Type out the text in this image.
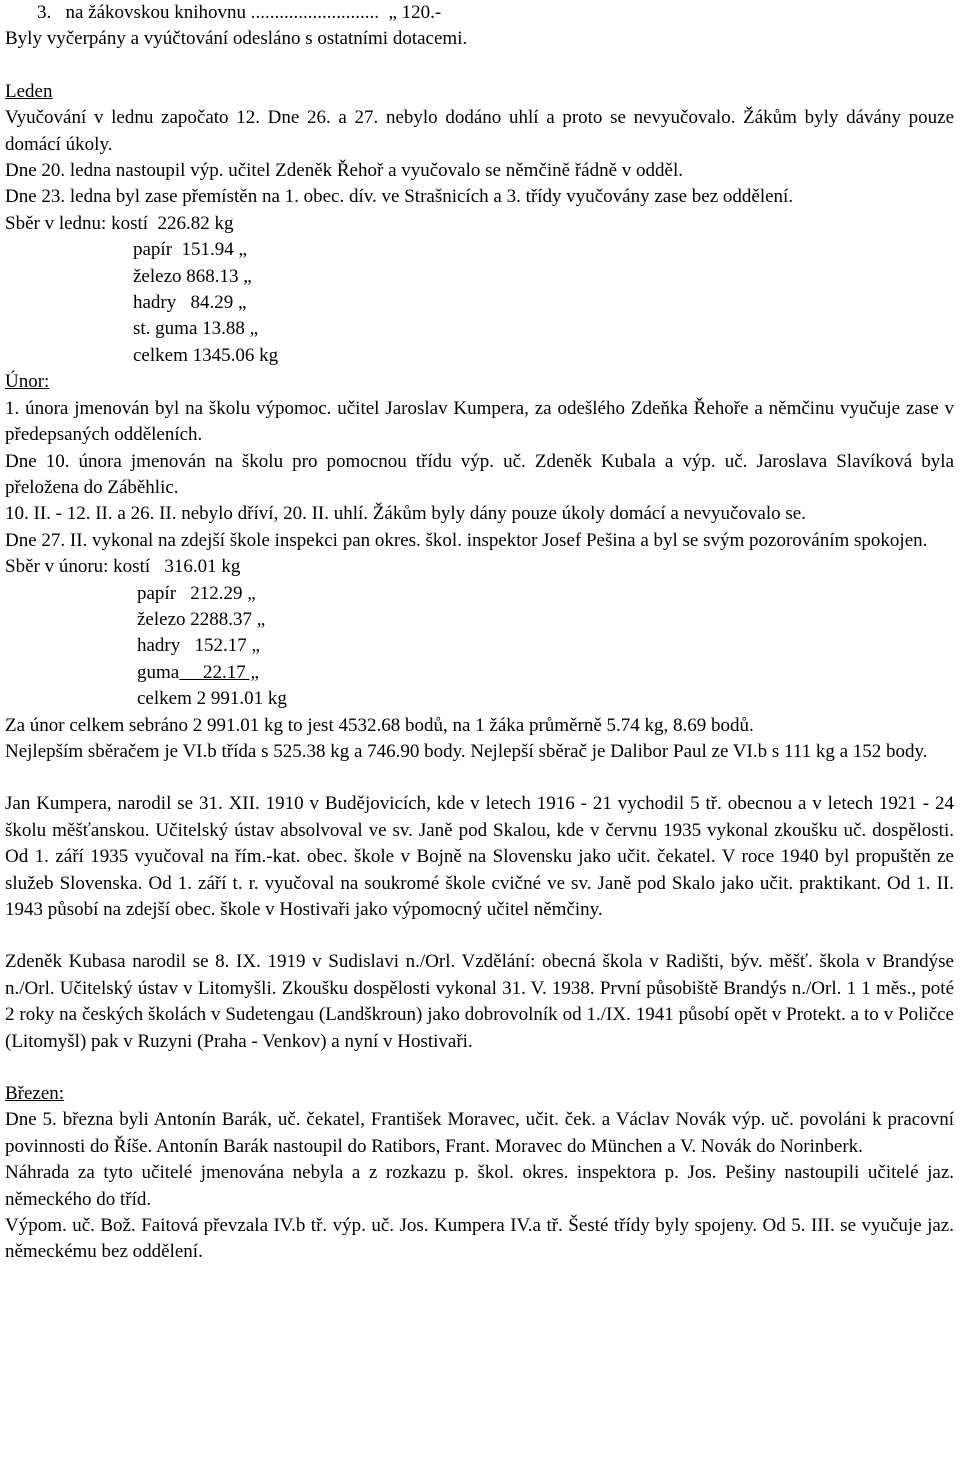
3.   na žákovskou knihovnu ...........................  „ 120.-
Byly vyčerpány a vyúčtování odesláno s ostatními dotacemi.
Leden
Vyučování v lednu započato 12. Dne 26. a 27. nebylo dodáno uhlí a proto se nevyučovalo. Žákům byly dávány pouze domácí úkoly.
Dne 20. ledna nastoupil výp. učitel Zdeněk Řehoř a vyučovalo se němčině řádně v odděl.
Dne 23. ledna byl zase přemístěn na 1. obec. dív. ve Strašnicích a 3. třídy vyučovány zase bez oddělení.
Sběr v lednu: kostí  226.82 kg
papír  151.94 „
železo 868.13 „
hadry   84.29 „
st. guma 13.88 „
celkem 1345.06 kg
Únor:
1. února jmenován byl na školu výpomoc. učitel Jaroslav Kumpera, za odešlého Zdeňka Řehoře a němčinu vyučuje zase v předepsaných odděleních.
Dne 10. února jmenován na školu pro pomocnou třídu výp. uč. Zdeněk Kubala a výp. uč. Jaroslava Slavíková byla přeložena do Záběhlic.
10. II. - 12. II. a 26. II. nebylo dříví, 20. II. uhlí. Žákům byly dány pouze úkoly domácí a nevyučovalo se.
Dne 27. II. vykonal na zdejší škole inspekci pan okres. škol. inspektor Josef Pešina a byl se svým pozorováním spokojen.
Sběr v únoru: kostí   316.01 kg
papír   212.29 „
železo 2288.37 „
hadry   152.17 „
guma     22.17 „
celkem 2 991.01 kg
Za únor celkem sebráno 2 991.01 kg to jest 4532.68 bodů, na 1 žáka průměrně 5.74 kg, 8.69 bodů.
Nejlepším sběračem je VI.b třída s 525.38 kg a 746.90 body. Nejlepší sběrač je Dalibor Paul ze VI.b s 111 kg a 152 body.
Jan Kumpera, narodil se 31. XII. 1910 v Budějovicích, kde v letech 1916 - 21 vychodil 5 tř. obecnou a v letech 1921 - 24 školu měšťanskou. Učitelský ústav absolvoval ve sv. Janě pod Skalou, kde v červnu 1935 vykonal zkoušku uč. dospělosti. Od 1. září 1935 vyučoval na řím.-kat. obec. škole v Bojně na Slovensku jako učit. čekatel. V roce 1940 byl propuštěn ze služeb Slovenska. Od 1. září t. r. vyučoval na soukromé škole cvičné ve sv. Janě pod Skalo jako učit. praktikant. Od 1. II. 1943 působí na zdejší obec. škole v Hostivaři jako výpomocný učitel němčiny.
Zdeněk Kubasa narodil se 8. IX. 1919 v Sudislavi n./Orl. Vzdělání: obecná škola v Radišti, býv. měšť. škola v Brandýse n./Orl. Učitelský ústav v Litomyšli. Zkoušku dospělosti vykonal 31. V. 1938. První působiště Brandýs n./Orl. 1 1 měs., poté 2 roky na českých školách v Sudetengau (Landškroun) jako dobrovolník od 1./IX. 1941 působí opět v Protekt. a to v Poličce (Litomyšl) pak v Ruzyni (Praha - Venkov) a nyní v Hostivaři.
Březen:
Dne 5. března byli Antonín Barák, uč. čekatel, František Moravec, učit. ček. a Václav Novák výp. uč. povoláni k pracovní povinnosti do Říše. Antonín Barák nastoupil do Ratibors, Frant. Moravec do München a V. Novák do Norinberk.
Náhrada za tyto učitelé jmenována nebyla a z rozkazu p. škol. okres. inspektora p. Jos. Pešiny nastoupili učitelé jaz. německého do tříd.
Výpom. uč. Bož. Faitová převzala IV.b tř. výp. uč. Jos. Kumpera IV.a tř. Šesté třídy byly spojeny. Od 5. III. se vyučuje jaz. německému bez oddělení.
